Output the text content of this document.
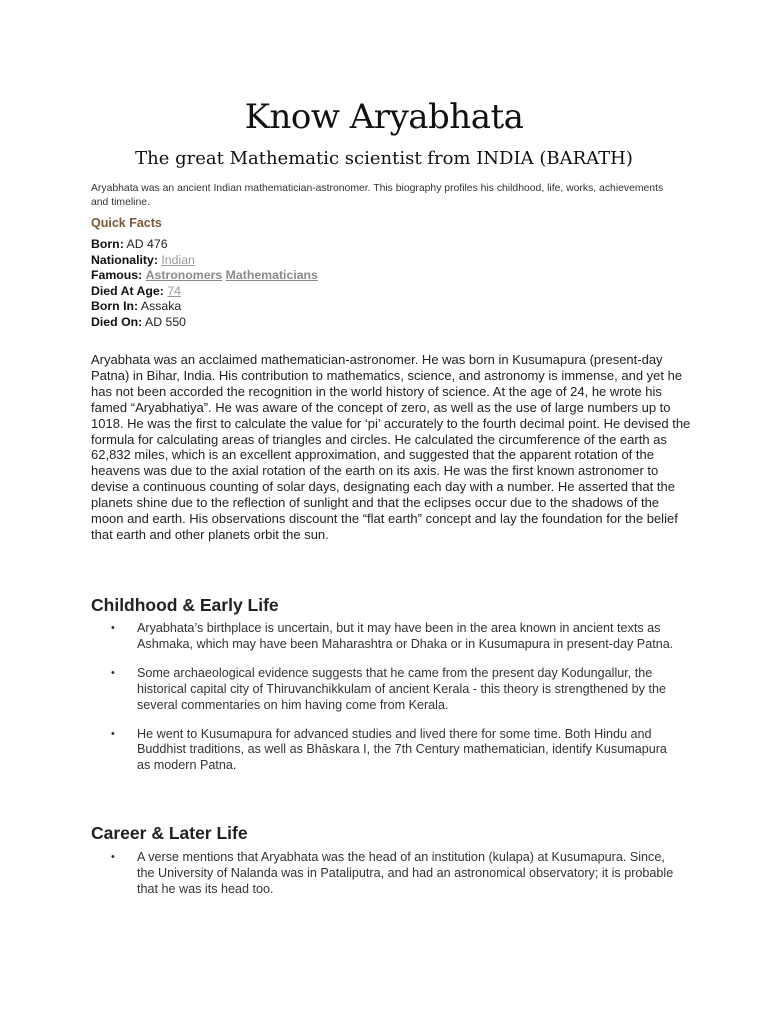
Know Aryabhata
The great Mathematic scientist from INDIA (BARATH)
Aryabhata was an ancient Indian mathematician-astronomer. This biography profiles his childhood, life, works, achievements and timeline.
Quick Facts
Born: AD 476
Nationality: Indian
Famous: Astronomers Mathematicians
Died At Age: 74
Born In: Assaka
Died On: AD 550
Aryabhata was an acclaimed mathematician-astronomer. He was born in Kusumapura (present-day Patna) in Bihar, India. His contribution to mathematics, science, and astronomy is immense, and yet he has not been accorded the recognition in the world history of science. At the age of 24, he wrote his famed “Aryabhatiya”. He was aware of the concept of zero, as well as the use of large numbers up to 1018. He was the first to calculate the value for ‘pi’ accurately to the fourth decimal point. He devised the formula for calculating areas of triangles and circles. He calculated the circumference of the earth as 62,832 miles, which is an excellent approximation, and suggested that the apparent rotation of the heavens was due to the axial rotation of the earth on its axis. He was the first known astronomer to devise a continuous counting of solar days, designating each day with a number. He asserted that the planets shine due to the reflection of sunlight and that the eclipses occur due to the shadows of the moon and earth. His observations discount the “flat earth” concept and lay the foundation for the belief that earth and other planets orbit the sun.
Childhood & Early Life
• Aryabhata’s birthplace is uncertain, but it may have been in the area known in ancient texts as Ashmaka, which may have been Maharashtra or Dhaka or in Kusumapura in present-day Patna.
• Some archaeological evidence suggests that he came from the present day Kodungallur, the historical capital city of Thiruvanchikkulam of ancient Kerala - this theory is strengthened by the several commentaries on him having come from Kerala.
• He went to Kusumapura for advanced studies and lived there for some time. Both Hindu and Buddhist traditions, as well as Bhāskara I, the 7th Century mathematician, identify Kusumapura as modern Patna.
Career & Later Life
• A verse mentions that Aryabhata was the head of an institution (kulapa) at Kusumapura. Since, the University of Nalanda was in Pataliputra, and had an astronomical observatory; it is probable that he was its head too.
